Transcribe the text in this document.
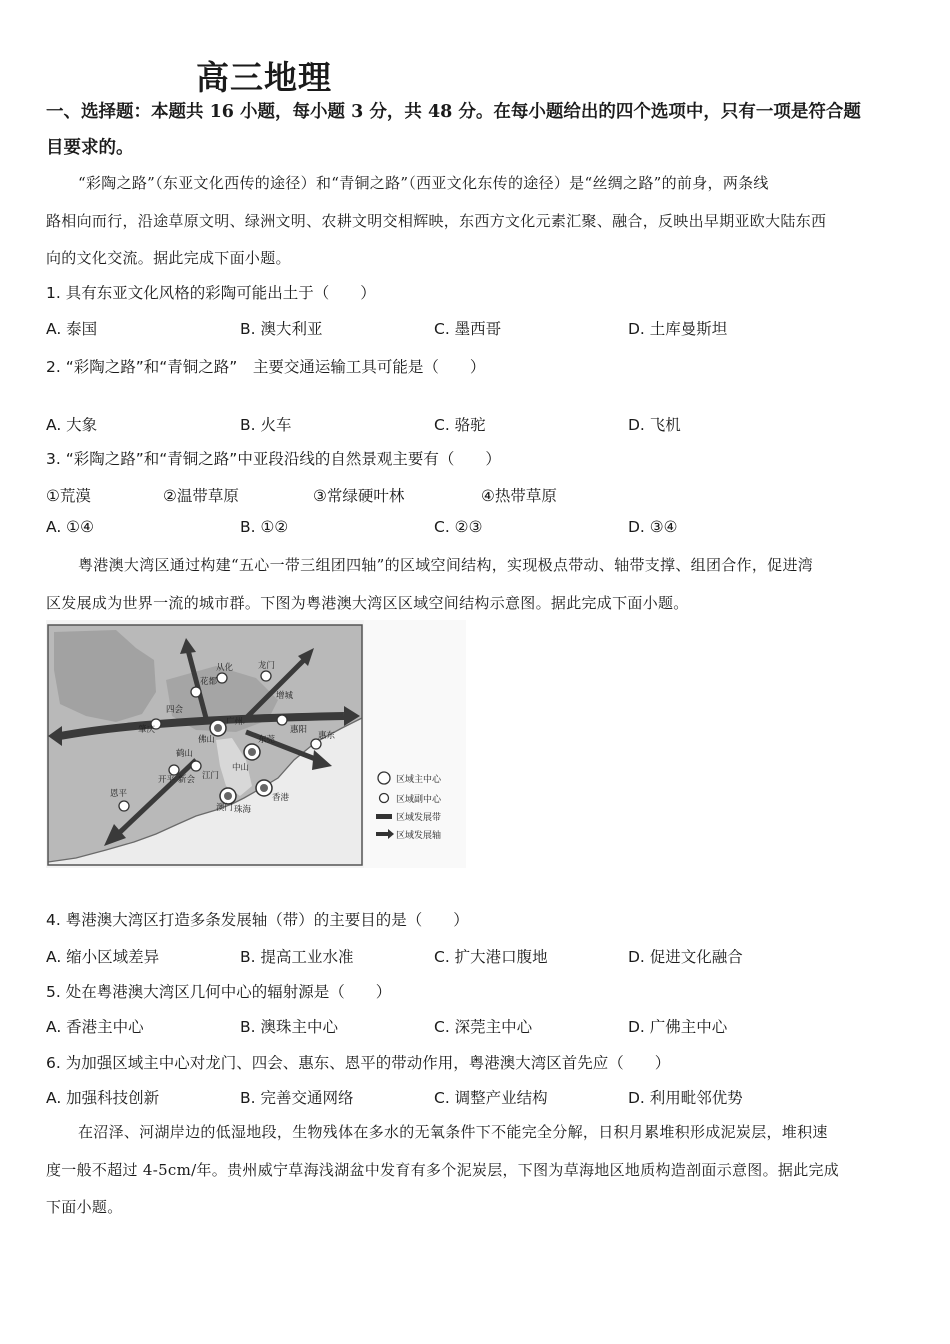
高三地理
一、选择题：本题共 16 小题，每小题 3 分，共 48 分。在每小题给出的四个选项中，只有一项是符合题
目要求的。
“彩陶之路”（东亚文化西传的途径）和“青铜之路”（西亚文化东传的途径）是“丝绸之路”的前身，两条线
路相向而行，沿途草原文明、绿洲文明、农耕文明交相辉映，东西方文化元素汇聚、融合，反映出早期亚欧大陆东西
向的文化交流。据此完成下面小题。
1. 具有东亚文化风格的彩陶可能出土于（　　）
A. 泰国	B. 澳大利亚	C. 墨西哥	D. 土库曼斯坦
2. “彩陶之路”和“青铜之路”　主要交通运输工具可能是（　　）
A. 大象	B. 火车	C. 骆驼	D. 飞机
3. “彩陶之路”和“青铜之路”中亚段沿线的自然景观主要有（　　）
①荒漠	②温带草原	③常绿硬叶林	④热带草原
A. ①④	B. ①②	C. ②③	D. ③④
粤港澳大湾区通过构建“五心一带三组团四轴”的区域空间结构，实现极点带动、轴带支撑、组团合作，促进湾
区发展成为世界一流的城市群。下图为粤港澳大湾区区域空间结构示意图。据此完成下面小题。
肇庆
广州
佛山
四会
从化
增城
花都
鹤山
江门
开平 新会
恩平
东莞
惠阳
惠东
龙门
中山
澳门
香港
珠海
区域主中心
区域副中心
区域发展带
区域发展轴
4. 粤港澳大湾区打造多条发展轴（带）的主要目的是（　　）
A. 缩小区域差异	B. 提高工业水准	C. 扩大港口腹地	D. 促进文化融合
5. 处在粤港澳大湾区几何中心的辐射源是（　　）
A. 香港主中心	B. 澳珠主中心	C. 深莞主中心	D. 广佛主中心
6. 为加强区域主中心对龙门、四会、惠东、恩平的带动作用，粤港澳大湾区首先应（　　）
A. 加强科技创新	B. 完善交通网络	C. 调整产业结构	D. 利用毗邻优势
在沼泽、河湖岸边的低湿地段，生物残体在多水的无氧条件下不能完全分解，日积月累堆积形成泥炭层，堆积速
度一般不超过 4-5cm/年。贵州威宁草海浅湖盆中发育有多个泥炭层，下图为草海地区地质构造剖面示意图。据此完成
下面小题。
